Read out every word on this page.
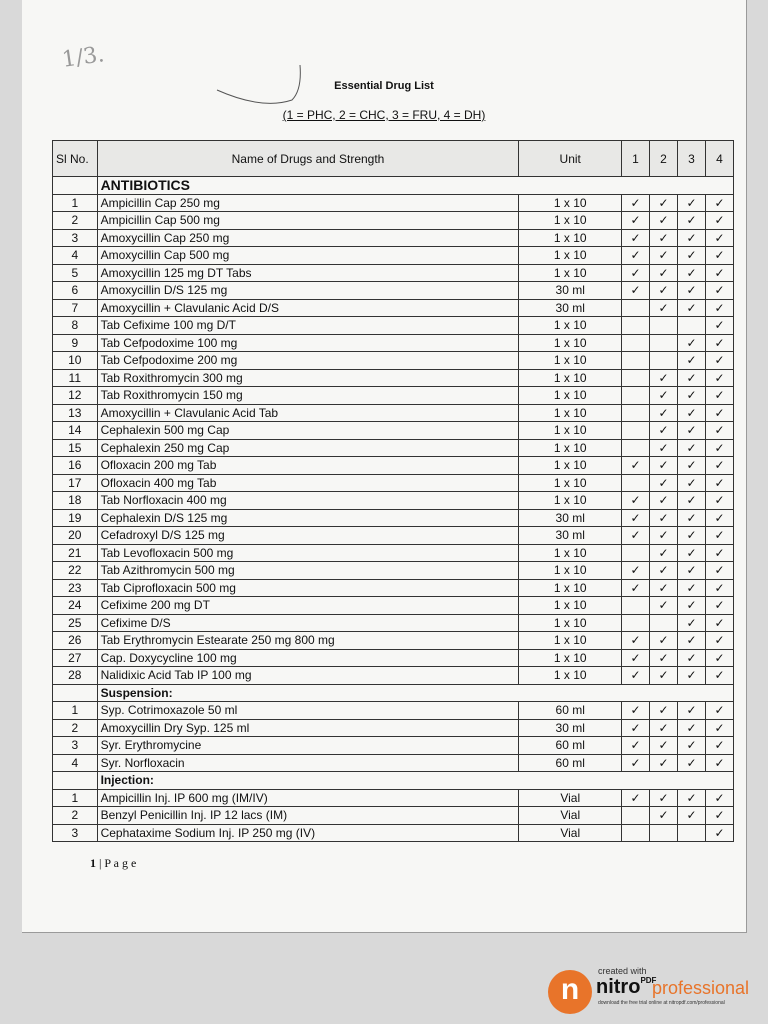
1/3.
Essential Drug List
(1 = PHC, 2 = CHC, 3 = FRU, 4 = DH)
Sl No.	Name of Drugs and Strength	Unit	1	2	3	4
	ANTIBIOTICS					
1	Ampicillin Cap 250 mg	1 x 10	✓	✓	✓	✓
2	Ampicillin Cap 500 mg	1 x 10	✓	✓	✓	✓
3	Amoxycillin Cap 250 mg	1 x 10	✓	✓	✓	✓
4	Amoxycillin Cap 500 mg	1 x 10	✓	✓	✓	✓
5	Amoxycillin 125 mg DT Tabs	1 x 10	✓	✓	✓	✓
6	Amoxycillin D/S 125 mg	30 ml	✓	✓	✓	✓
7	Amoxycillin + Clavulanic Acid D/S	30 ml		✓	✓	✓
8	Tab Cefixime 100 mg D/T	1 x 10				✓
9	Tab Cefpodoxime 100 mg	1 x 10			✓	✓
10	Tab Cefpodoxime 200 mg	1 x 10			✓	✓
11	Tab Roxithromycin 300 mg	1 x 10		✓	✓	✓
12	Tab Roxithromycin 150 mg	1 x 10		✓	✓	✓
13	Amoxycillin + Clavulanic Acid Tab	1 x 10		✓	✓	✓
14	Cephalexin 500 mg Cap	1 x 10		✓	✓	✓
15	Cephalexin 250 mg Cap	1 x 10		✓	✓	✓
16	Ofloxacin 200 mg Tab	1 x 10	✓	✓	✓	✓
17	Ofloxacin 400 mg Tab	1 x 10		✓	✓	✓
18	Tab Norfloxacin 400 mg	1 x 10	✓	✓	✓	✓
19	Cephalexin D/S 125 mg	30 ml	✓	✓	✓	✓
20	Cefadroxyl D/S 125 mg	30 ml	✓	✓	✓	✓
21	Tab Levofloxacin 500 mg	1 x 10		✓	✓	✓
22	Tab Azithromycin 500 mg	1 x 10	✓	✓	✓	✓
23	Tab Ciprofloxacin 500 mg	1 x 10	✓	✓	✓	✓
24	Cefixime 200 mg DT	1 x 10		✓	✓	✓
25	Cefixime D/S	1 x 10			✓	✓
26	Tab Erythromycin Estearate 250 mg 800 mg	1 x 10	✓	✓	✓	✓
27	Cap. Doxycycline 100 mg	1 x 10	✓	✓	✓	✓
28	Nalidixic Acid Tab IP 100 mg	1 x 10	✓	✓	✓	✓
	Suspension:					
1	Syp. Cotrimoxazole 50 ml	60 ml	✓	✓	✓	✓
2	Amoxycillin Dry Syp. 125 ml	30 ml	✓	✓	✓	✓
3	Syr. Erythromycine	60 ml	✓	✓	✓	✓
4	Syr. Norfloxacin	60 ml	✓	✓	✓	✓
	Injection:					
1	Ampicillin Inj. IP 600 mg (IM/IV)	Vial	✓	✓	✓	✓
2	Benzyl Penicillin Inj. IP 12 lacs (IM)	Vial		✓	✓	✓
3	Cephataxime Sodium Inj. IP 250 mg (IV)	Vial				✓
1 | P a g e
n
created with
nitro$^{PDF}$
professional
download the free trial online at nitropdf.com/professional
